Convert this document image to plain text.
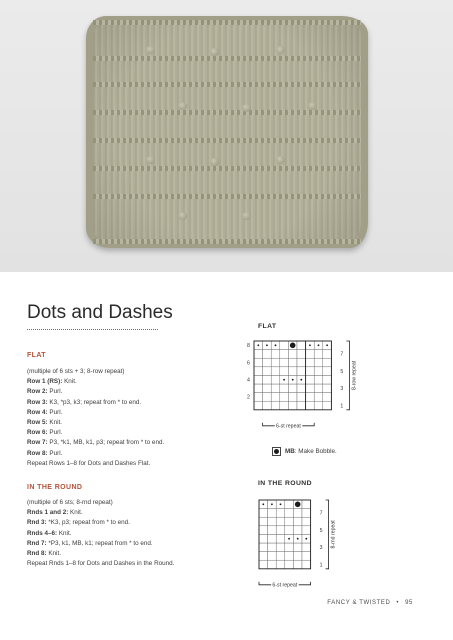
Dots and Dashes
FLAT
(multiple of 6 sts + 3; 8-row repeat)
Row 1 (RS): Knit.
Row 2: Purl.
Row 3: K3, *p3, k3; repeat from * to end.
Row 4: Purl.
Row 5: Knit.
Row 6: Purl.
Row 7: P3, *k1, MB, k1, p3; repeat from * to end.
Row 8: Purl.
Repeat Rows 1–8 for Dots and Dashes Flat.
IN THE ROUND
(multiple of 6 sts; 8-rnd repeat)
Rnds 1 and 2: Knit.
Rnd 3: *K3, p3; repeat from * to end.
Rnds 4–6: Knit.
Rnd 7: *P3, k1, MB, k1; repeat from * to end.
Rnd 8: Knit.
Repeat Rnds 1–8 for Dots and Dashes in the Round.
FLAT
1
3
5
7
2
4
6
8
8-row repeat
6-st repeat
MB: Make Bobble.
IN THE ROUND
1
3
5
7
8-rnd repeat
6-st repeat
FANCY & TWISTED • 95
